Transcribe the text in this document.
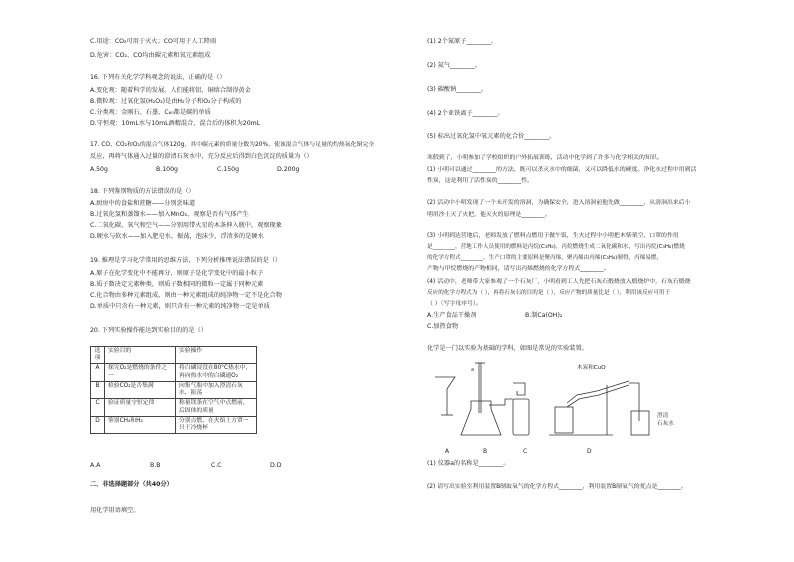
C.用途：CO₂可用于灭火；CO可用于人工降雨
D.危害：CO₂、CO均由碳元素和氧元素组成
16. 下列有关化学学科观念的说法，正确的是（）
A.变化观：随着科学的发展，人们能将铝、铜熔合制得黄金
B.微粒观：过氧化氢(H₂O₂)是由H₂分子和O₂分子构成的
C.分类观：金刚石、石墨、C₆₀都是碳的单质
D.守恒观：10mL水与10mL酒精混合，混合后的体积为20mL
17. CO、CO₂和O₂的混合气体120g，其中碳元素的质量分数为20%，使该混合气体与足量的灼热氧化铜完全
反应，再将气体通入过量的澄清石灰水中，充分反应后得到白色沉淀的质量为（）
A.50g	B.100g	C.150g	D.200g
18. 下列鉴别物质的方法错误的是（）
A.厨房中的食盐和蔗糖——分别尝味道
B.过氧化氢和蒸馏水——加入MnO₂，观察是否有气体产生
C.二氧化碳、氧气和空气——分别用带火星的木条伸入瓶中，观察现象
D.硬水与软水——加入肥皂水，振荡，泡沫少、浮渣多的是硬水
19. 推理是学习化学常用的思维方法，下列分析推理说法错误的是（）
A.原子在化学变化中不能再分，则原子是化学变化中的最小粒子
B.质子数决定元素种类，则质子数相同的微粒一定属于同种元素
C.化合物由多种元素组成，则由一种元素组成的纯净物一定不是化合物
D.单质中只含有一种元素，则只含有一种元素的纯净物一定是单质
20. 下列实验操作能达到实验目的的是（）
选项	实验目的	实验操作
A	探究O₂是燃烧的条件之一	将白磷浸没在80°C热水中，再向热水中的白磷通O₂
B	检验CO₂是否集满	向集气瓶中加入澄清石灰水，振荡
C	验证质量守恒定律	称量镁条在空气中点燃前、后固体的质量
D	鉴别CH₄和H₂	分别点燃，在火焰上方罩一只干冷烧杯
A.A	B.B	C.C	D.D
二、非选择题部分（共40分）
用化学用语填空。
(1) 2个氮原子________。
(2) 氦气________。
(3) 碳酸钠________。
(4) 2个亚铁离子________。
(5) 标出过氧化氢中氧元素的化合价________。
寒假到了，小明参加了学校组织的户外拓展训练，活动中化学到了许多与化学相关的知识。
(1) 小明可以通过________的方法，既可以杀灭水中的细菌，又可以降低水的硬度。净化水过程中用到活
性炭，这是利用了活性炭的________性。
(2) 活动中小明发现了一个未开发的溶洞，为确保安全，进入溶洞前他先做________，从溶洞出来后小
明用沙土灭了火把，他灭火的原理是________。
(3) 小明到达营地后，老师发放了燃料点燃用于做午饭，生火过程中小明把木柴架空，口罩的作用
是________，营地工作人员使用的燃料是丙烷(C₃H₈)，丙烷燃烧生成二氧化碳和水，写出丙烷(C₃H₈)燃烧
的化学方程式________。生产口罩的主要原料是聚丙烯，聚丙烯由丙烯(C₃H₆)制得，丙烯易燃，
产物与甲烷燃烧的产物相同，请写出丙烯燃烧的化学方程式________。
(4) 活动中，老师带大家参观了一个石灰厂，小明看到工人先把石灰石煅烧放入煅烧炉中，石灰石煅烧
反应的化学方程式为（ ），再将石灰石的目的是（ ），反应产物的质量比是（ ），利用该反应可用于
（ ）（写字母序号）。
A.生产食品干燥剂	B.制Ca(OH)₂
C.加热食物
化学是一门以实验为基础的学科，如图是常见的实验装置。
a
A	B	C	D
木炭和CuO
澄清
石灰水
(1) 仪器a的名称是________。
(2) 请写出实验室利用装置B制取氧气的化学方程式________，利用装置B制氧气的优点是________。
